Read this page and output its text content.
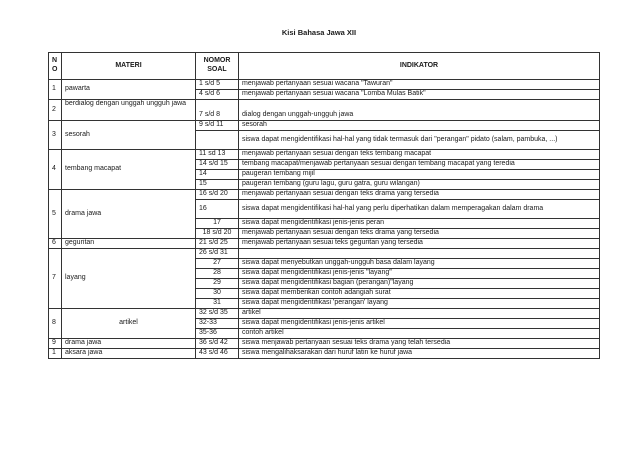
Kisi Bahasa Jawa XII
N O	MATERI	NOMOR SOAL	INDIKATOR
1	pawarta	1 s/d 5	menjawab pertanyaan sesuai wacana "Tawuran"
		4 s/d 6	menjawab pertanyaan sesuai wacana "Lomba Mulas Batik"
2	berdialog dengan unggah ungguh jawa	7 s/d 8	dialog dengan unggah-ungguh jawa
3	sesorah	9 s/d 11	sesorah
			siswa dapat mengidentifikasi hal-hal yang tidak termasuk dari "perangan" pidato (salam, pambuka, ...)
4	tembang macapat	11 sd 13	menjawab pertanyaan sesuai dengan teks tembang macapat
		14 s/d 15	tembang macapat/menjawab pertanyaan sesuai dengan tembang macapat yang teredia
		14	paugeran tembang mijil
		15	paugeran tembang (guru lagu, guru gatra, guru wilangan)
5	drama jawa	16 s/d 20	menjawab pertanyaan sesuai dengan teks drama yang tersedia
		16	siswa dapat mengidentifikasi hal-hal yang perlu diperhatikan dalam memperagakan dalam drama
		17	siswa dapat mengidentifikasi jenis-jenis peran
		18 s/d 20	menjawab pertanyaan sesuai dengan teks drama yang tersedia
6	geguritan	21 s/d 25	menjawab pertanyaan sesuai teks geguritan yang tersedia
7	layang	26 s/d 31	
		27	siswa dapat menyebutkan unggah-ungguh basa dalam layang
		28	siswa dapat mengidentifikasi jenis-jenis "layang"
		29	siswa dapat mengidentifikasi bagian (perangan)"layang
		30	siswa dapat memberikan contoh adangiah surat
		31	siswa dapat mengidentifikasi 'perangan' layang
8	artikel	32 s/d 35	artikel
		32-33	siswa dapat mengidentifikasi jenis-jenis artikel
		35-36	contoh artikel
9	drama jawa	36 s/d 42	siswa menjawab pertanyaan sesuai teks drama yang telah tersedia
1	aksara jawa	43 s/d 46	siswa mengalihaksarakan dari huruf latin ke huruf jawa
